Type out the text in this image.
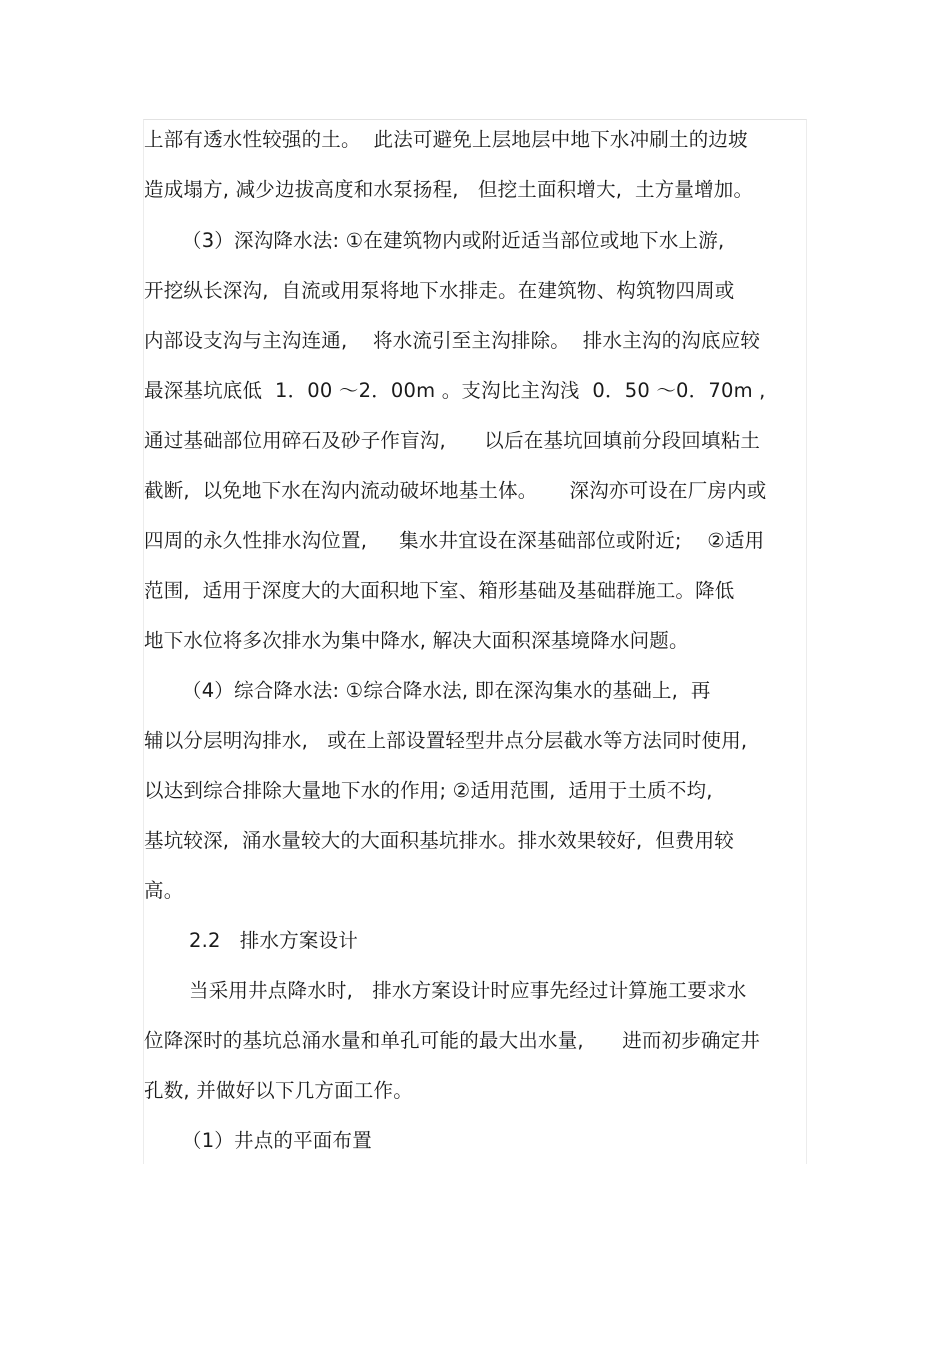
上部有透水性较强的土。  此法可避免上层地层中地下水冲刷土的边坡
造成塌方, 减少边拔高度和水泵扬程,   但挖土面积增大,  土方量增加。
（3）深沟降水法: ①在建筑物内或附近适当部位或地下水上游,
开挖纵长深沟,  自流或用泵将地下水排走。在建筑物、构筑物四周或
内部设支沟与主沟连通,    将水流引至主沟排除。  排水主沟的沟底应较
最深基坑底低  1．00 ～2．00m 。支沟比主沟浅  0．50 ～0．70m ,
通过基础部位用碎石及砂子作盲沟,      以后在基坑回填前分段回填粘土
截断,  以免地下水在沟内流动破坏地基土体。     深沟亦可设在厂房内或
四周的永久性排水沟位置,     集水井宜设在深基础部位或附近;    ②适用
范围,  适用于深度大的大面积地下室、箱形基础及基础群施工。降低
地下水位将多次排水为集中降水, 解决大面积深基境降水问题。
（4）综合降水法: ①综合降水法, 即在深沟集水的基础上,  再
辅以分层明沟排水,   或在上部设置轻型井点分层截水等方法同时使用,
以达到综合排除大量地下水的作用; ②适用范围,  适用于土质不均,
基坑较深,  涌水量较大的大面积基坑排水。排水效果较好,  但费用较
高。
2.2   排水方案设计
当采用井点降水时,   排水方案设计时应事先经过计算施工要求水
位降深时的基坑总涌水量和单孔可能的最大出水量,      进而初步确定井
孔数, 并做好以下几方面工作。
（1）井点的平面布置
